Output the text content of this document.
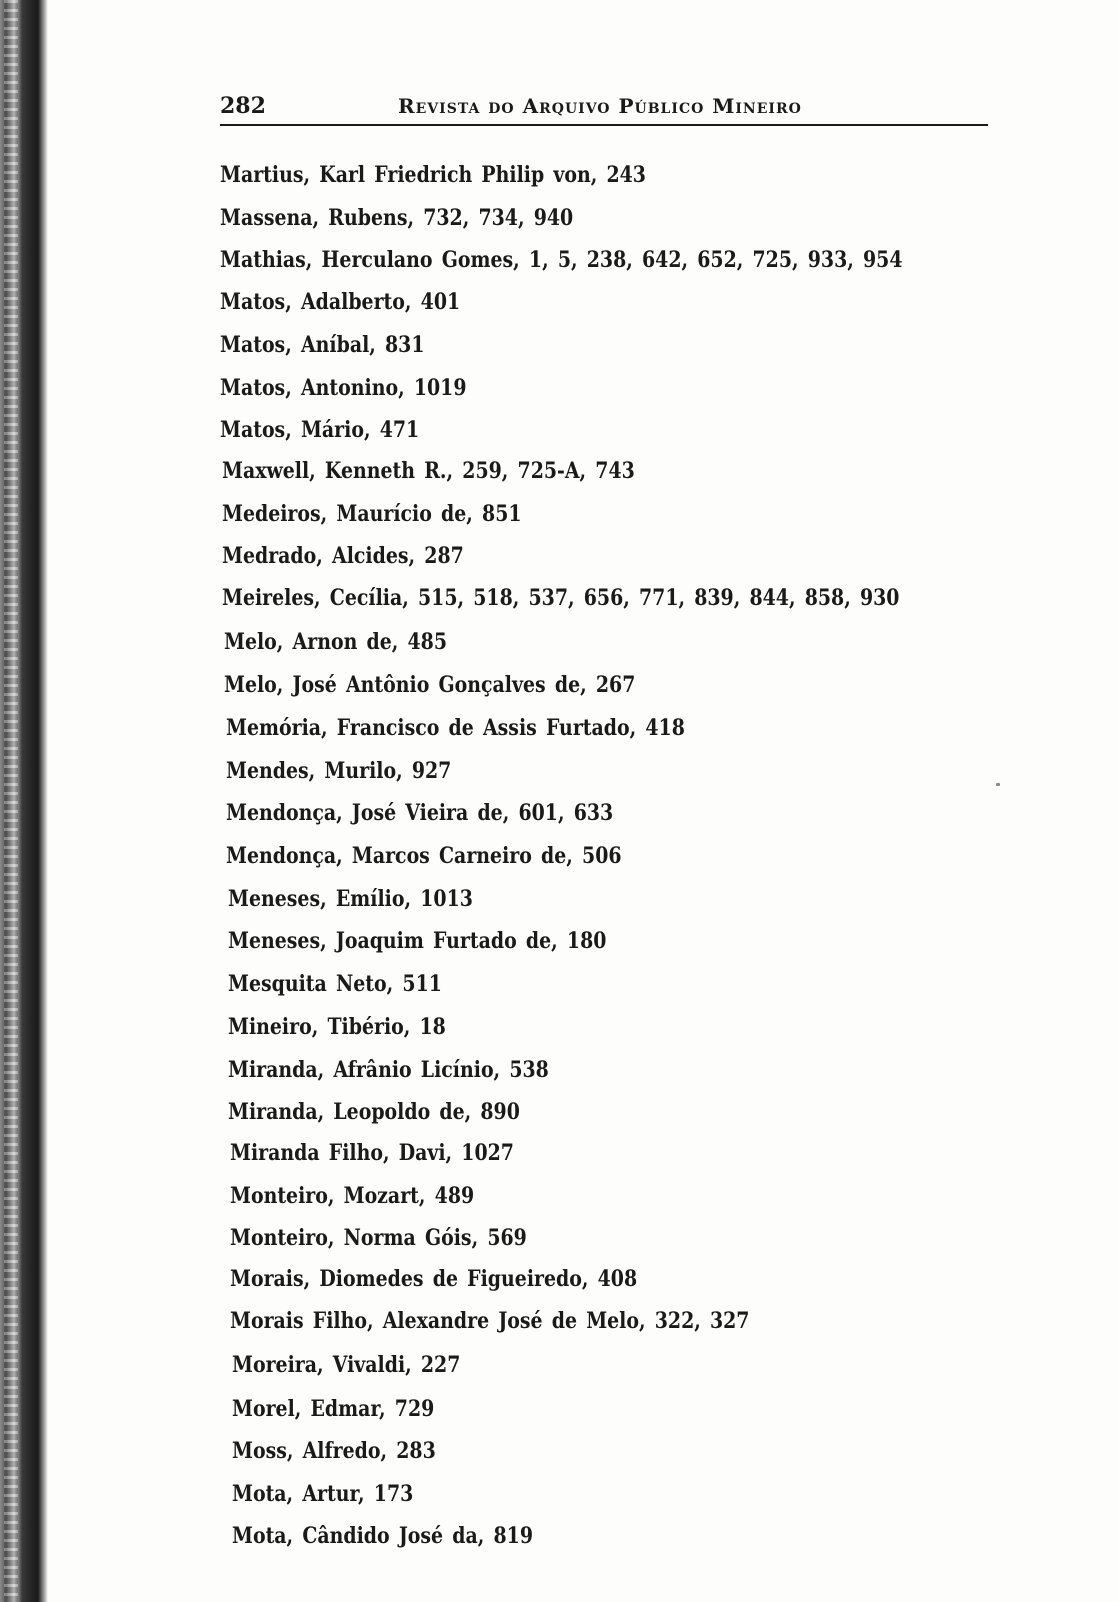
282	Revista do Arquivo Público Mineiro
Martius, Karl Friedrich Philip von, 243
Massena, Rubens, 732, 734, 940
Mathias, Herculano Gomes, 1, 5, 238, 642, 652, 725, 933, 954
Matos, Adalberto, 401
Matos, Aníbal, 831
Matos, Antonino, 1019
Matos, Mário, 471
Maxwell, Kenneth R., 259, 725-A, 743
Medeiros, Maurício de, 851
Medrado, Alcides, 287
Meireles, Cecília, 515, 518, 537, 656, 771, 839, 844, 858, 930
Melo, Arnon de, 485
Melo, José Antônio Gonçalves de, 267
Memória, Francisco de Assis Furtado, 418
Mendes, Murilo, 927
Mendonça, José Vieira de, 601, 633
Mendonça, Marcos Carneiro de, 506
Meneses, Emílio, 1013
Meneses, Joaquim Furtado de, 180
Mesquita Neto, 511
Mineiro, Tibério, 18
Miranda, Afrânio Licínio, 538
Miranda, Leopoldo de, 890
Miranda Filho, Davi, 1027
Monteiro, Mozart, 489
Monteiro, Norma Góis, 569
Morais, Diomedes de Figueiredo, 408
Morais Filho, Alexandre José de Melo, 322, 327
Moreira, Vivaldi, 227
Morel, Edmar, 729
Moss, Alfredo, 283
Mota, Artur, 173
Mota, Cândido José da, 819
